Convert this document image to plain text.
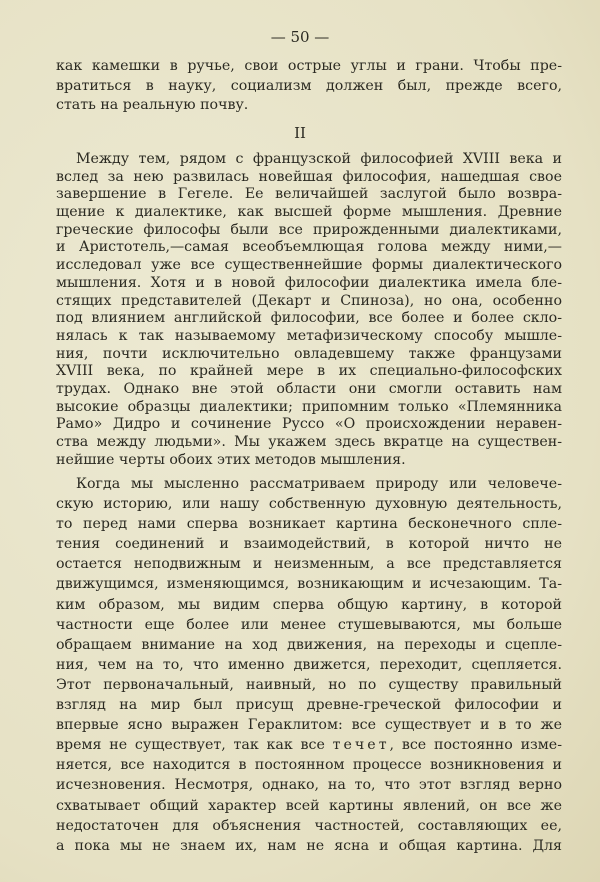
— 50 —
как камешки в ручье, свои острые углы и грани. Чтобы пре-
вратиться в науку, социализм должен был, прежде всего,
стать на реальную почву.
II
Между тем, рядом с французской философией XVIII века и
вслед за нею развилась новейшая философия, нашедшая свое
завершение в Гегеле. Ее величайшей заслугой было возвра-
щение к диалектике, как высшей форме мышления. Древние
греческие философы были все прирожденными диалектиками,
и Аристотель,—самая всеобъемлющая голова между ними,—
исследовал уже все существеннейшие формы диалектического
мышления. Хотя и в новой философии диалектика имела бле-
стящих представителей (Декарт и Спиноза), но она, особенно
под влиянием английской философии, все более и более скло-
нялась к так называемому метафизическому способу мышле-
ния, почти исключительно овладевшему также французами
XVIII века, по крайней мере в их специально-философских
трудах. Однако вне этой области они смогли оставить нам
высокие образцы диалектики; припомним только «Племянника
Рамо» Дидро и сочинение Руссо «О происхождении неравен-
ства между людьми». Мы укажем здесь вкратце на существен-
нейшие черты обоих этих методов мышления.
Когда мы мысленно рассматриваем природу или человече-
скую историю, или нашу собственную духовную деятельность,
то перед нами сперва возникает картина бесконечного спле-
тения соединений и взаимодействий, в которой ничто не
остается неподвижным и неизменным, а все представляется
движущимся, изменяющимся, возникающим и исчезающим. Та-
ким образом, мы видим сперва общую картину, в которой
частности еще более или менее стушевываются, мы больше
обращаем внимание на ход движения, на переходы и сцепле-
ния, чем на то, что именно движется, переходит, сцепляется.
Этот первоначальный, наивный, но по существу правильный
взгляд на мир был присущ древне-греческой философии и
впервые ясно выражен Гераклитом: все существует и в то же
время не существует, так как все течет, все постоянно изме-
няется, все находится в постоянном процессе возникновения и
исчезновения. Несмотря, однако, на то, что этот взгляд верно
схватывает общий характер всей картины явлений, он все же
недостаточен для объяснения частностей, составляющих ее,
а пока мы не знаем их, нам не ясна и общая картина. Для
